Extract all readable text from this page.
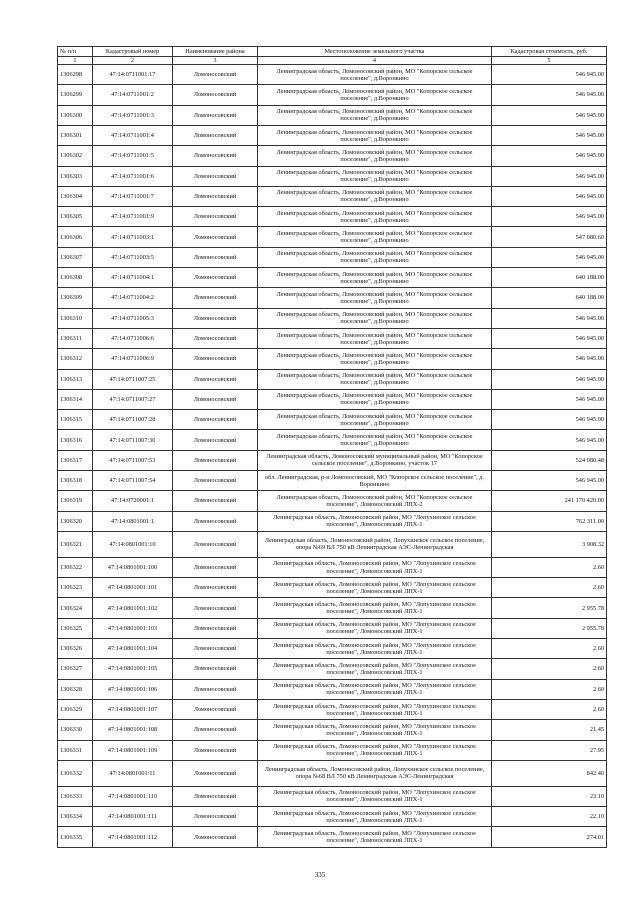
№ п/п	Кадастровый номер	Наименование района	Местоположение земельного участка	Кадастровая стоимость, руб.
1	2	3	4	5
1306298	47:14:0711001:17	Ломоносовский	Ленинградская область, Ломоносовский район, МО "Копорское сельское поселение", д.Воронкино	546 945.00
1306299	47:14:0711001:2	Ломоносовский	Ленинградская область, Ломоносовский район, МО "Копорское сельское поселение", д.Воронкино	546 945.00
1306300	47:14:0711001:3	Ломоносовский	Ленинградская область, Ломоносовский район, МО "Копорское сельское поселение", д.Воронкино	546 945.00
1306301	47:14:0711001:4	Ломоносовский	Ленинградская область, Ломоносовский район, МО "Копорское сельское поселение", д.Воронкино	546 945.00
1306302	47:14:0711001:5	Ломоносовский	Ленинградская область, Ломоносовский район, МО "Копорское сельское поселение", д.Воронкино	546 945.00
1306303	47:14:0711001:6	Ломоносовский	Ленинградская область, Ломоносовский район, МО "Копорское сельское поселение", д.Воронкино	546 945.00
1306304	47:14:0711001:7	Ломоносовский	Ленинградская область, Ломоносовский район, МО "Копорское сельское поселение", д.Воронкино	546 945.00
1306305	47:14:0711001:9	Ломоносовский	Ленинградская область, Ломоносовский район, МО "Копорское сельское поселение", д.Воронкино	546 945.00
1306306	47:14:0711003:1	Ломоносовский	Ленинградская область, Ломоносовский район, МО "Копорское сельское поселение", д.Воронкино	547 080.60
1306307	47:14:0711003:5	Ломоносовский	Ленинградская область, Ломоносовский район, МО "Копорское сельское поселение", д.Воронкино	546 945.00
1306308	47:14:0711004:1	Ломоносовский	Ленинградская область, Ломоносовский район, МО "Копорское сельское поселение", д.Воронкино	640 188.00
1306309	47:14:0711004:2	Ломоносовский	Ленинградская область, Ломоносовский район, МО "Копорское сельское поселение", д.Воронкино	640 188.00
1306310	47:14:0711005:3	Ломоносовский	Ленинградская область, Ломоносовский район, МО "Копорское сельское поселение", д.Воронкино	546 945.00
1306311	47:14:0711006:6	Ломоносовский	Ленинградская область, Ломоносовский район, МО "Копорское сельское поселение", д.Воронкино	546 945.00
1306312	47:14:0711006:9	Ломоносовский	Ленинградская область, Ломоносовский район, МО "Копорское сельское поселение", д.Воронкино	546 945.00
1306313	47:14:0711007:25	Ломоносовский	Ленинградская область, Ломоносовский район, МО "Копорское сельское поселение", д.Воронкино	546 945.00
1306314	47:14:0711007:27	Ломоносовский	Ленинградская область, Ломоносовский район, МО "Копорское сельское поселение", д.Воронкино	546 945.00
1306315	47:14:0711007:28	Ломоносовский	Ленинградская область, Ломоносовский район, МО "Копорское сельское поселение", д.Воронкино	546 945.00
1306316	47:14:0711007:30	Ломоносовский	Ленинградская область, Ломоносовский район, МО "Копорское сельское поселение", д.Воронкино	546 945.00
1306317	47:14:0711007:53	Ломоносовский	Ленинградская область, Ломоносовский муниципальный район, МО "Копорское сельское поселение", д.Воронкино, участок 17	524 080.48
1306318	47:14:0711007:54	Ломоносовский	обл. Ленинградская, р-н Ломоносовский, МО "Копорское сельское поселение", д. Воронкино	546 945.00
1306319	47:14:0720001:1	Ломоносовский	Ленинградская область, Ломоносовский район, МО "Копорское сельское поселение", Ломоносовский ЛПХ-2	241 170 420.00
1306320	47:14:0801001:1	Ломоносовский	Ленинградская область, Ломоносовский район, МО "Лопухинское сельское поселение", Ломоносовский ЛПХ-1	762 311.00
1306321	47:14:0801001:10	Ломоносовский	Ленинградская область, Ломоносовский район, Лопухинское сельское поселение, опора №69 ВЛ 750 кВ Ленинградская АЭС-Ленинградская	3 908.32
1306322	47:14:0801001:100	Ломоносовский	Ленинградская область, Ломоносовский район, МО "Лопухинское сельское поселение", Ломоносовский ЛПХ-1	2.60
1306323	47:14:0801001:101	Ломоносовский	Ленинградская область, Ломоносовский район, МО "Лопухинское сельское поселение", Ломоносовский ЛПХ-1	2.60
1306324	47:14:0801001:102	Ломоносовский	Ленинградская область, Ломоносовский район, МО "Лопухинское сельское поселение", Ломоносовский ЛПХ-1	2 955.78
1306325	47:14:0801001:103	Ломоносовский	Ленинградская область, Ломоносовский район, МО "Лопухинское сельское поселение", Ломоносовский ЛПХ-1	2 955.78
1306326	47:14:0801001:104	Ломоносовский	Ленинградская область, Ломоносовский район, МО "Лопухинское сельское поселение", Ломоносовский ЛПХ-1	2.60
1306327	47:14:0801001:105	Ломоносовский	Ленинградская область, Ломоносовский район, МО "Лопухинское сельское поселение", Ломоносовский ЛПХ-1	2.60
1306328	47:14:0801001:106	Ломоносовский	Ленинградская область, Ломоносовский район, МО "Лопухинское сельское поселение", Ломоносовский ЛПХ-1	2.60
1306329	47:14:0801001:107	Ломоносовский	Ленинградская область, Ломоносовский район, МО "Лопухинское сельское поселение", Ломоносовский ЛПХ-1	2.60
1306330	47:14:0801001:108	Ломоносовский	Ленинградская область, Ломоносовский район, МО "Лопухинское сельское поселение", Ломоносовский ЛПХ-1	21.45
1306331	47:14:0801001:109	Ломоносовский	Ленинградская область, Ломоносовский район, МО "Лопухинское сельское поселение", Ломоносовский ЛПХ-1	27.95
1306332	47:14:0801001:11	Ломоносовский	Ленинградская область, Ломоносовский район, Лопухинское сельское поселение, опора №68 ВЛ 750 кВ Ленинградская АЭС-Ленинградская	842.40
1306333	47:14:0801001:110	Ломоносовский	Ленинградская область, Ломоносовский район, МО "Лопухинское сельское поселение", Ломоносовский ЛПХ-1	23.10
1306334	47:14:0801001:111	Ломоносовский	Ленинградская область, Ломоносовский район, МО "Лопухинское сельское поселение", Ломоносовский ЛПХ-1	22.10
1306335	47:14:0801001:112	Ломоносовский	Ленинградская область, Ломоносовский район, МО "Лопухинское сельское поселение", Ломоносовский ЛПХ-1	274.01
335
